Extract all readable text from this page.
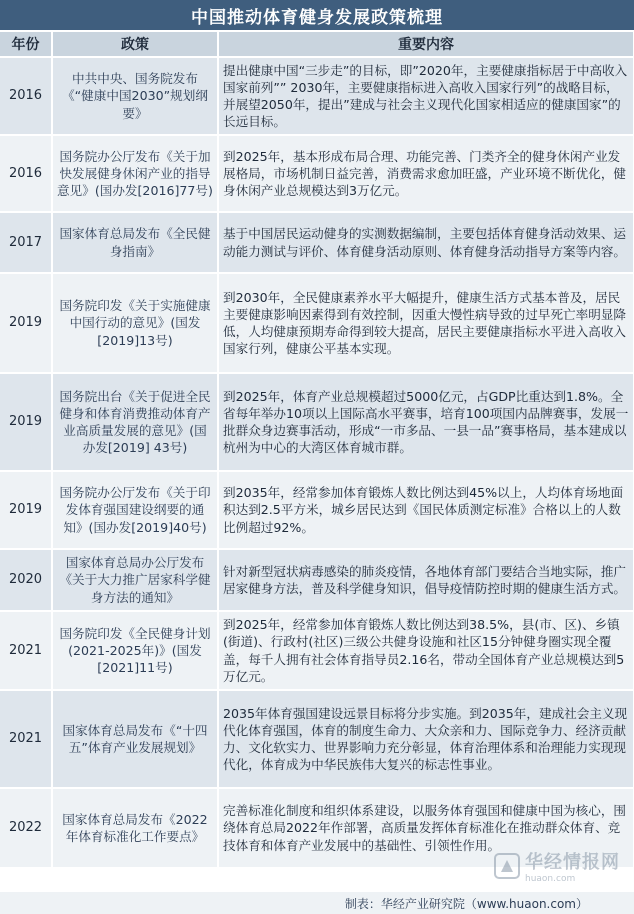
中国推动体育健身发展政策梳理
年份	政策	重要内容
2016	中共中央、国务院发布《“健康中国2030”规划纲要》	提出健康中国“三步走”的目标，即”2020年，主要健康指标居于中高收入国家前列”” 2030年，主要健康指标进入高收入国家行列”的战略目标，并展望2050年，提出”建成与社会主义现代化国家相适应的健康国家”的长远目标。
2016	国务院办公厅发布《关于加快发展健身休闲产业的指导意见》(国办发[2016]77号)	到2025年，基本形成布局合理、功能完善、门类齐全的健身休闲产业发展格局，市场机制日益完善，消费需求愈加旺盛，产业环境不断优化，健身休闲产业总规模达到3万亿元。
2017	国家体育总局发布《全民健身指南》	基于中国居民运动健身的实测数据编制，主要包括体育健身活动效果、运动能力测试与评价、体育健身活动原则、体育健身活动指导方案等内容。
2019	国务院印发《关于实施健康中国行动的意见》(国发[2019]13号)	到2030年，全民健康素养水平大幅提升，健康生活方式基本普及，居民主要健康影响因素得到有效控制，因重大慢性病导致的过早死亡率明显降低，人均健康预期寿命得到较大提高，居民主要健康指标水平进入高收入国家行列，健康公平基本实现。
2019	国务院出台《关于促进全民健身和体育消费推动体育产业高质量发展的意见》(国办发[2019] 43号)	到2025年，体育产业总规模超过5000亿元，占GDP比重达到1.8%。全省每年举办10项以上国际高水平赛事，培育100项国内品牌赛事，发展一批群众身边赛事活动，形成“一市多品、一县一品”赛事格局，基本建成以杭州为中心的大湾区体育城市群。
2019	国务院办公厅发布《关于印发体育强国建设纲要的通知》(国办发[2019]40号)	到2035年，经常参加体育锻炼人数比例达到45%以上，人均体育场地面积达到2.5平方米，城乡居民达到《国民体质测定标准》合格以上的人数比例超过92%。
2020	国家体育总局办公厅发布《关于大力推广居家科学健身方法的通知》	针对新型冠状病毒感染的肺炎疫情，各地体育部门要结合当地实际，推广居家健身方法，普及科学健身知识，倡导疫情防控时期的健康生活方式。
2021	国务院印发《全民健身计划(2021-2025年)》(国发[2021]11号)	到2025年，经常参加体育锻炼人数比例达到38.5%，县(市、区)、乡镇(街道)、行政村(社区)三级公共健身设施和社区15分钟健身圈实现全覆盖，每千人拥有社会体育指导员2.16名，带动全国体育产业总规模达到5万亿元。
2021	国家体育总局发布《“十四五”体育产业发展规划》	2035年体育强国建设远景目标将分步实施。到2035年，建成社会主义现代化体育强国，体育的制度生命力、大众亲和力、国际竞争力、经济贡献力、文化软实力、世界影响力充分彰显，体育治理体系和治理能力实现现代化，体育成为中华民族伟大复兴的标志性事业。
2022	国家体育总局发布《2022年体育标准化工作要点》	完善标准化制度和组织体系建设，以服务体育强国和健康中国为核心，围绕体育总局2022年作部署，高质量发挥体育标准化在推动群众体育、竞技体育和体育产业发展中的基础性、引领性作用。
华经情报网
huaon.com
制表：华经产业研究院（www.huaon.com）
